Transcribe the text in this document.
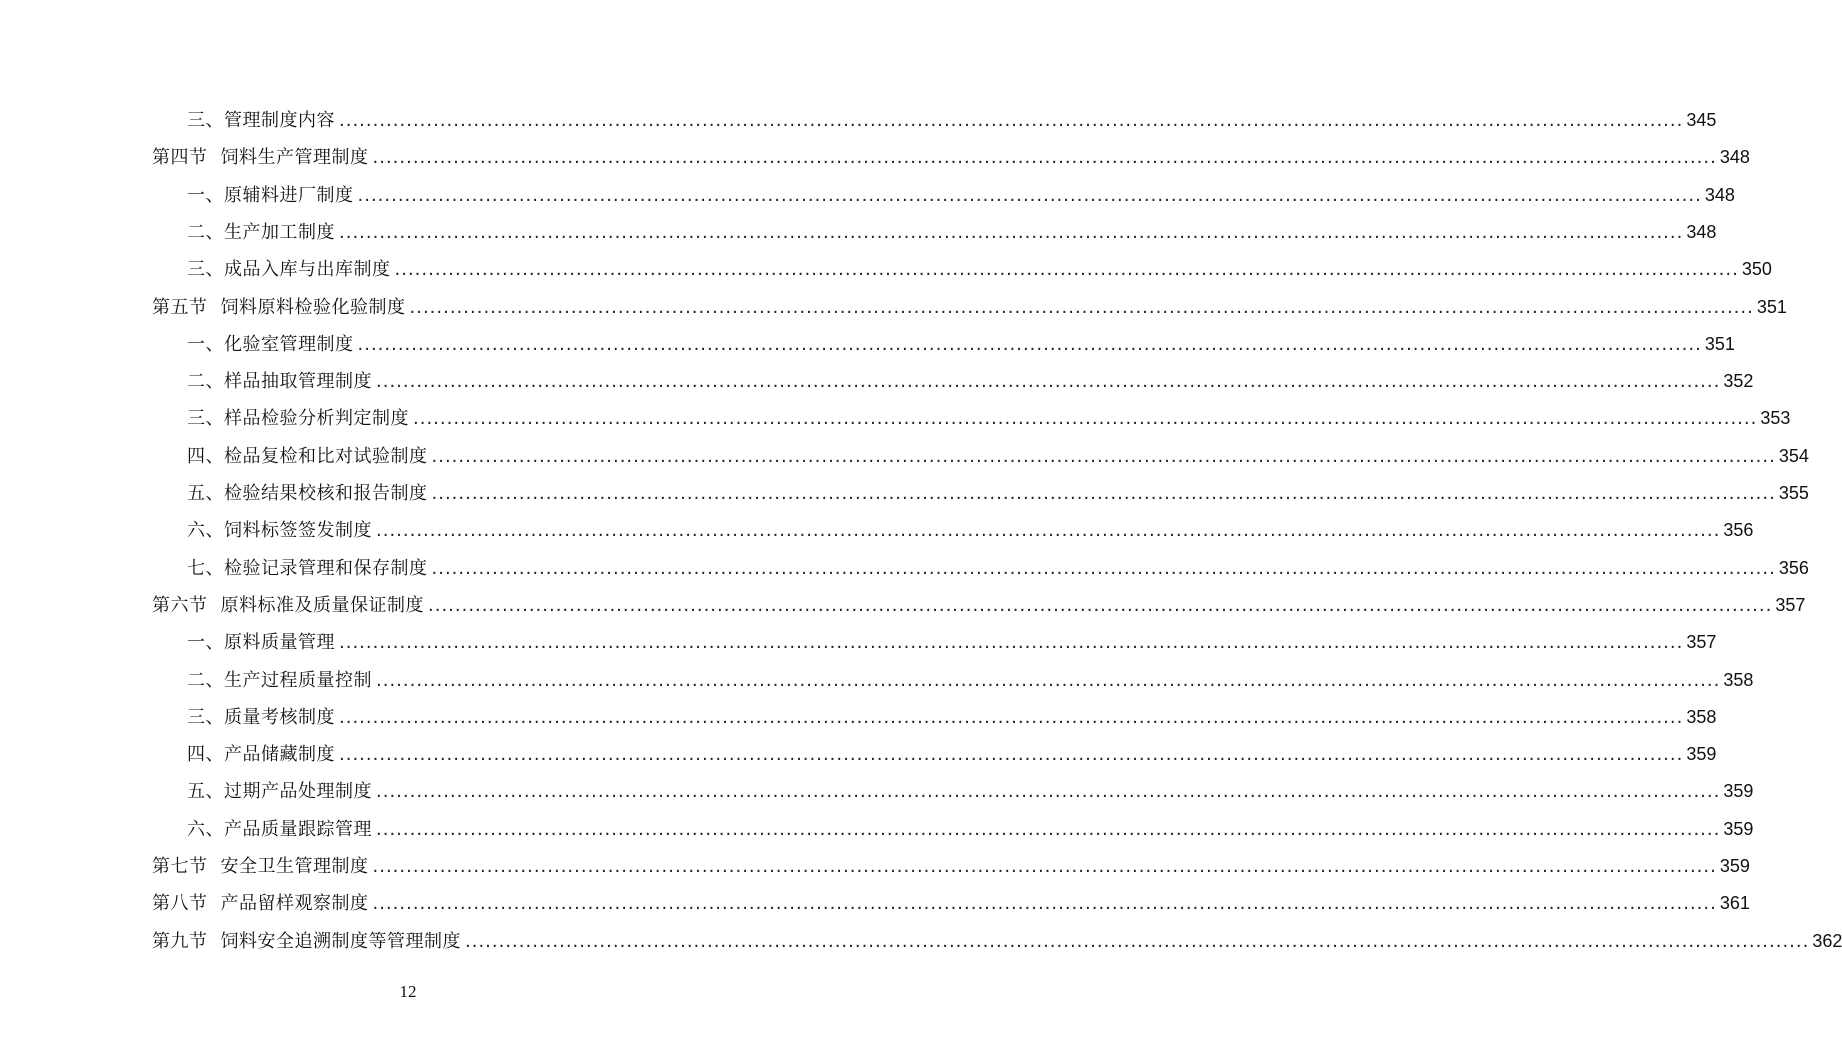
三、管理制度内容 ........................................................................................................................................................................................................ 345
第四节 饲料生产管理制度 ........................................................................................................................................................................................................ 348
一、原辅料进厂制度 ........................................................................................................................................................................................................ 348
二、生产加工制度 ........................................................................................................................................................................................................ 348
三、成品入库与出库制度 ........................................................................................................................................................................................................ 350
第五节 饲料原料检验化验制度 ........................................................................................................................................................................................................ 351
一、化验室管理制度 ........................................................................................................................................................................................................ 351
二、样品抽取管理制度 ........................................................................................................................................................................................................ 352
三、样品检验分析判定制度 ........................................................................................................................................................................................................ 353
四、检品复检和比对试验制度 ........................................................................................................................................................................................................ 354
五、检验结果校核和报告制度 ........................................................................................................................................................................................................ 355
六、饲料标签签发制度 ........................................................................................................................................................................................................ 356
七、检验记录管理和保存制度 ........................................................................................................................................................................................................ 356
第六节 原料标准及质量保证制度 ........................................................................................................................................................................................................ 357
一、原料质量管理 ........................................................................................................................................................................................................ 357
二、生产过程质量控制 ........................................................................................................................................................................................................ 358
三、质量考核制度 ........................................................................................................................................................................................................ 358
四、产品储藏制度 ........................................................................................................................................................................................................ 359
五、过期产品处理制度 ........................................................................................................................................................................................................ 359
六、产品质量跟踪管理 ........................................................................................................................................................................................................ 359
第七节 安全卫生管理制度 ........................................................................................................................................................................................................ 359
第八节 产品留样观察制度 ........................................................................................................................................................................................................ 361
第九节 饲料安全追溯制度等管理制度 ........................................................................................................................................................................................................ 362
12
